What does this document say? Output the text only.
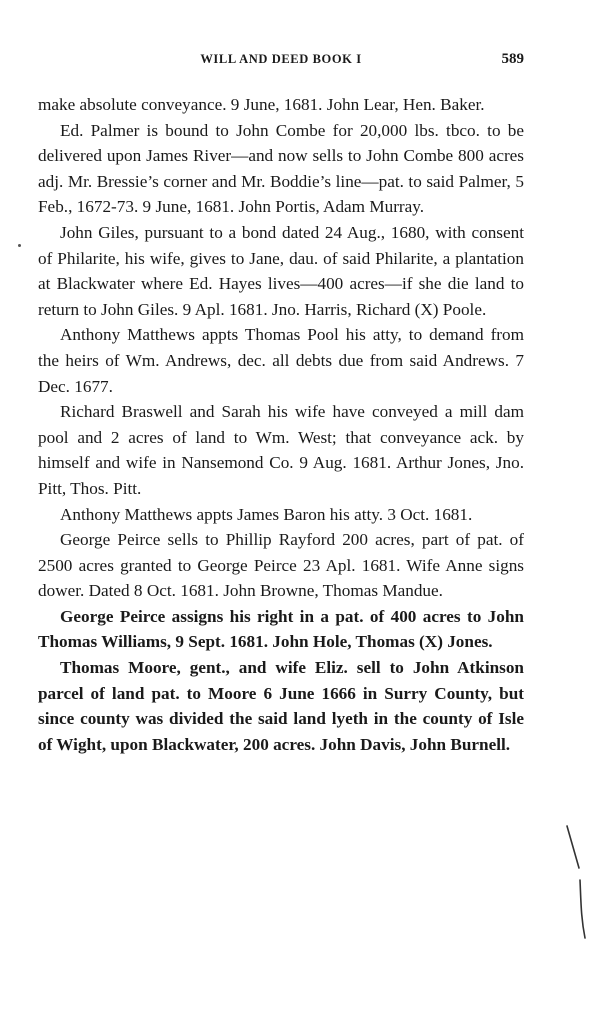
WILL AND DEED BOOK I	589

make absolute conveyance. 9 June, 1681. John Lear, Hen. Baker.

Ed. Palmer is bound to John Combe for 20,000 lbs. tbco. to be delivered upon James River—and now sells to John Combe 800 acres adj. Mr. Bressie’s corner and Mr. Boddie’s line—pat. to said Palmer, 5 Feb., 1672-73. 9 June, 1681. John Portis, Adam Murray.

John Giles, pursuant to a bond dated 24 Aug., 1680, with consent of Philarite, his wife, gives to Jane, dau. of said Philarite, a plantation at Blackwater where Ed. Hayes lives—400 acres—if she die land to return to John Giles. 9 Apl. 1681. Jno. Harris, Richard (X) Poole.

Anthony Matthews appts Thomas Pool his atty, to demand from the heirs of Wm. Andrews, dec. all debts due from said Andrews. 7 Dec. 1677.

Richard Braswell and Sarah his wife have conveyed a mill dam pool and 2 acres of land to Wm. West; that conveyance ack. by himself and wife in Nansemond Co. 9 Aug. 1681. Arthur Jones, Jno. Pitt, Thos. Pitt.

Anthony Matthews appts James Baron his atty. 3 Oct. 1681.

George Peirce sells to Phillip Rayford 200 acres, part of pat. of 2500 acres granted to George Peirce 23 Apl. 1681. Wife Anne signs dower. Dated 8 Oct. 1681. John Browne, Thomas Mandue.

George Peirce assigns his right in a pat. of 400 acres to John Thomas Williams, 9 Sept. 1681. John Hole, Thomas (X) Jones.

Thomas Moore, gent., and wife Eliz. sell to John Atkinson parcel of land pat. to Moore 6 June 1666 in Surry County, but since county was divided the said land lyeth in the county of Isle of Wight, upon Blackwater, 200 acres. John Davis, John Burnell.
